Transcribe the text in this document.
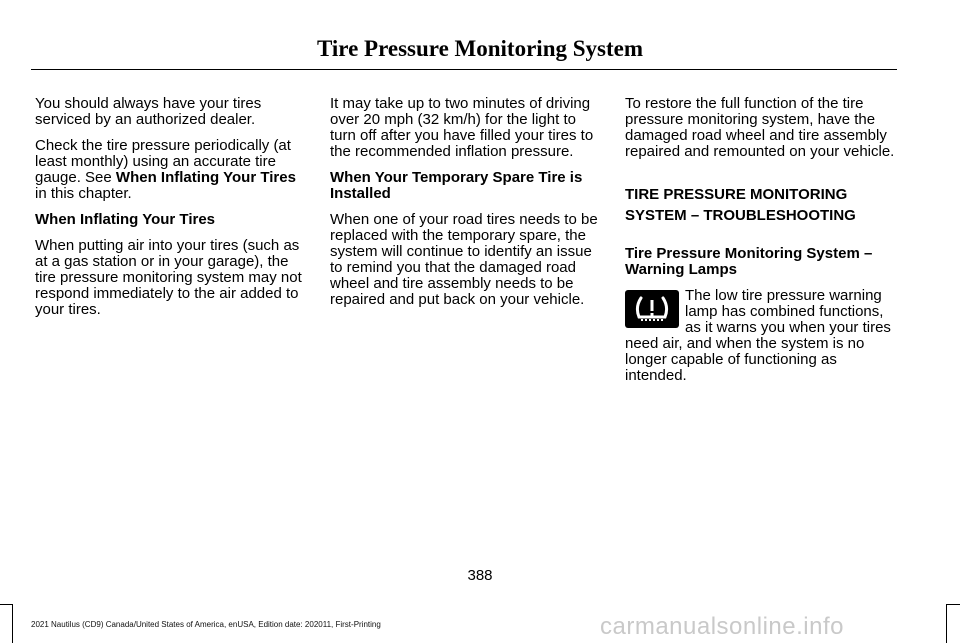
Tire Pressure Monitoring System

You should always have your tires serviced by an authorized dealer.

Check the tire pressure periodically (at least monthly) using an accurate tire gauge. See When Inflating Your Tires in this chapter.

When Inflating Your Tires

When putting air into your tires (such as at a gas station or in your garage), the tire pressure monitoring system may not respond immediately to the air added to your tires.

It may take up to two minutes of driving over 20 mph (32 km/h) for the light to turn off after you have filled your tires to the recommended inflation pressure.

When Your Temporary Spare Tire is Installed

When one of your road tires needs to be replaced with the temporary spare, the system will continue to identify an issue to remind you that the damaged road wheel and tire assembly needs to be repaired and put back on your vehicle.

To restore the full function of the tire pressure monitoring system, have the damaged road wheel and tire assembly repaired and remounted on your vehicle.

TIRE PRESSURE MONITORING SYSTEM – TROUBLESHOOTING

Tire Pressure Monitoring System – Warning Lamps

The low tire pressure warning lamp has combined functions, as it warns you when your tires need air, and when the system is no longer capable of functioning as intended.
388
2021 Nautilus (CD9) Canada/United States of America, enUSA, Edition date: 202011, First-Printing	carmanualsonline.info
